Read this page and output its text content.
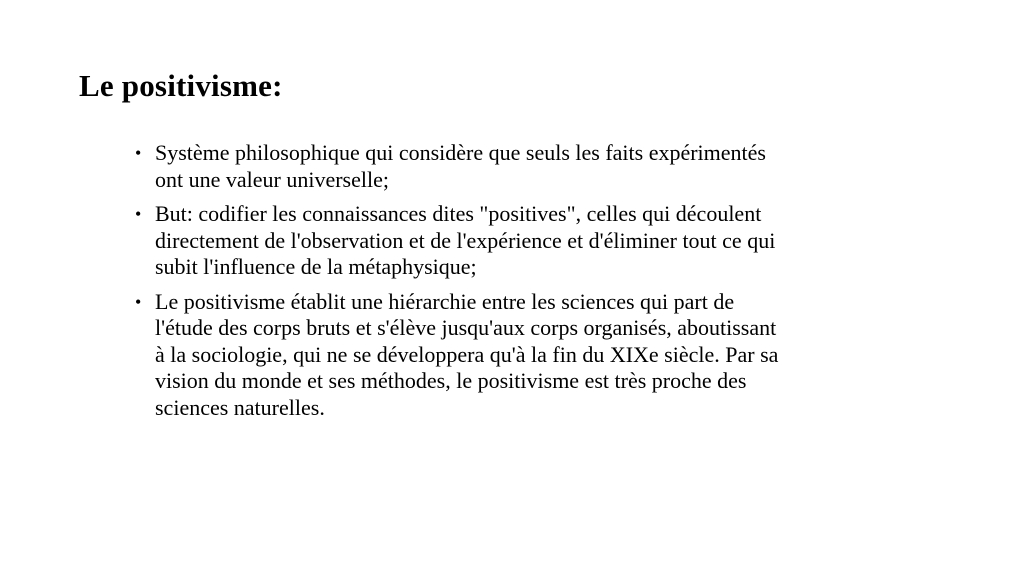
Le positivisme:
• Système philosophique qui considère que seuls les faits expérimentés
ont une valeur universelle;
• But: codifier les connaissances dites "positives", celles qui découlent
directement de l'observation et de l'expérience et d'éliminer tout ce qui
subit l'influence de la métaphysique;
• Le positivisme établit une hiérarchie entre les sciences qui part de
l'étude des corps bruts et s'élève jusqu'aux corps organisés, aboutissant
à la sociologie, qui ne se développera qu'à la fin du XIXe siècle. Par sa
vision du monde et ses méthodes, le positivisme est très proche des
sciences naturelles.
